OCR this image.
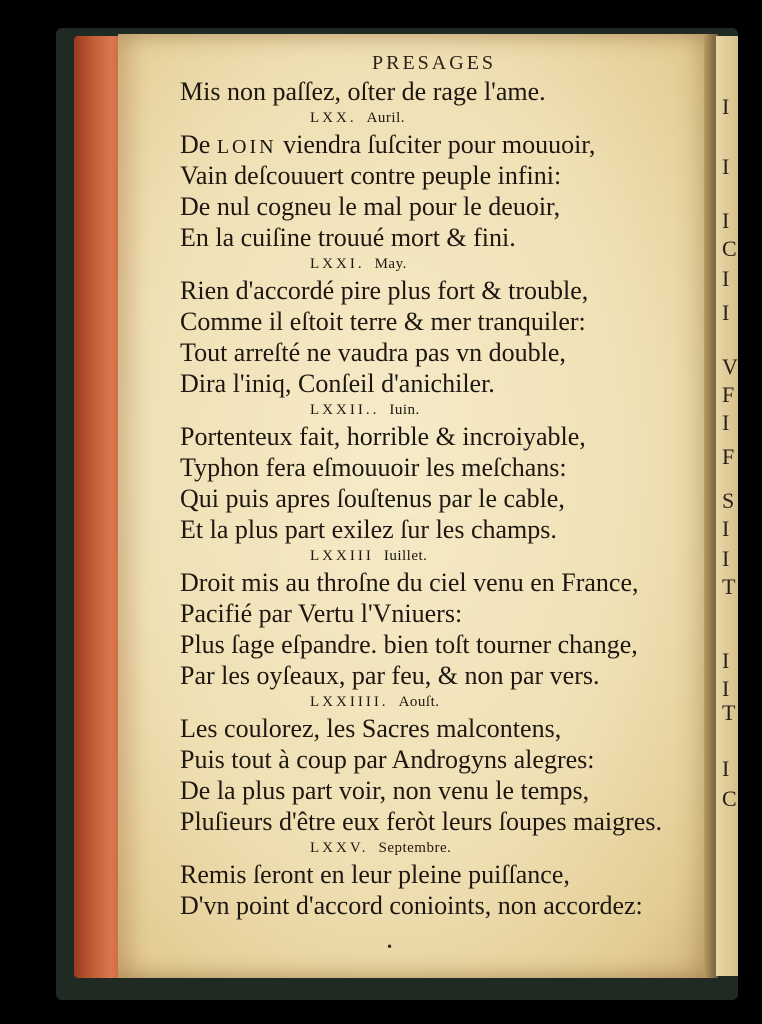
I
I
I
C
I
I
V
F
I
F
S
I
I
T
I
I
T
I
C
PRESAGES
Mis non paſſez, oſter de rage l'ame.
LXX. Auril.
De LOIN viendra ſuſciter pour mouuoir,
Vain deſcouuert contre peuple infini:
De nul cogneu le mal pour le deuoir,
En la cuiſine trouué mort & fini.
LXXI. May.
Rien d'accordé pire plus fort & trouble,
Comme il eſtoit terre & mer tranquiler:
Tout arreſté ne vaudra pas vn double,
Dira l'iniq, Conſeil d'anichiler.
LXXII.. Iuin.
Portenteux fait, horrible & incroiyable,
Typhon fera eſmouuoir les meſchans:
Qui puis apres ſouſtenus par le cable,
Et la plus part exilez ſur les champs.
LXXIII Iuillet.
Droit mis au throſne du ciel venu en France,
Pacifié par Vertu l'Vniuers:
Plus ſage eſpandre. bien toſt tourner change,
Par les oyſeaux, par feu, & non par vers.
LXXIIII. Aouſt.
Les coulorez, les Sacres malcontens,
Puis tout à coup par Androgyns alegres:
De la plus part voir, non venu le temps,
Pluſieurs d'être eux feròt leurs ſoupes maigres.
LXXV. Septembre.
Remis ſeront en leur pleine puiſſance,
D'vn point d'accord conioints, non accordez:
•
